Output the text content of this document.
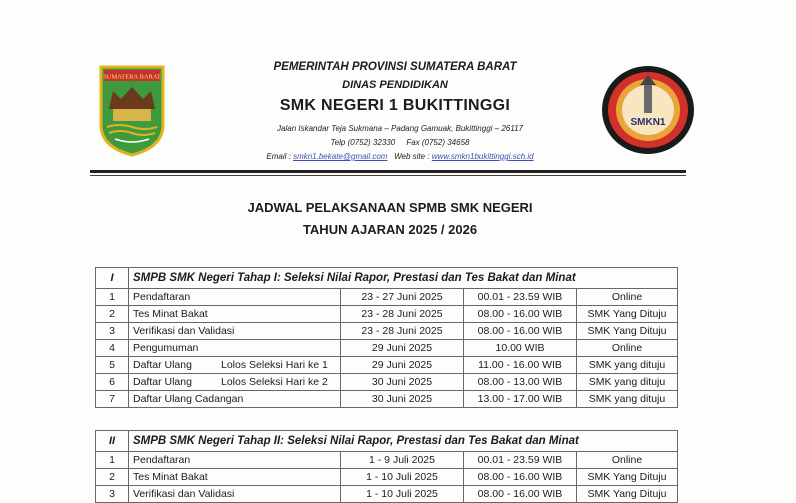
SUMATERA BARAT
SMKN1
PEMERINTAH PROVINSI SUMATERA BARAT
DINAS PENDIDIKAN
SMK NEGERI 1 BUKITTINGGI
Jalan Iskandar Teja Sukmana – Padang Gamuak, Bukittinggi – 26117
Telp (0752) 32330 Fax (0752) 34658
Email : smkn1.bekate@gmail.com Web site : www.smkn1bukittinggi.sch.id
JADWAL PELAKSANAAN SPMB SMK NEGERI
TAHUN AJARAN 2025 / 2026
I	SMPB SMK Negeri Tahap I: Seleksi Nilai Rapor, Prestasi dan Tes Bakat dan Minat			
1	Pendaftaran	23 - 27 Juni 2025	00.01 - 23.59 WIB	Online
2	Tes Minat Bakat	23 - 28 Juni 2025	08.00 - 16.00 WIB	SMK Yang Dituju
3	Verifikasi dan Validasi	23 - 28 Juni 2025	08.00 - 16.00 WIB	SMK Yang Dituju
4	Pengumuman	29 Juni 2025	10.00 WIB	Online
5	Daftar Ulang Lolos Seleksi Hari ke 1	29 Juni 2025	11.00 - 16.00 WIB	SMK yang dituju
6	Daftar Ulang Lolos Seleksi Hari ke 2	30 Juni 2025	08.00 - 13.00 WIB	SMK yang dituju
7	Daftar Ulang Cadangan	30 Juni 2025	13.00 - 17.00 WIB	SMK yang dituju
II	SMPB SMK Negeri Tahap II: Seleksi Nilai Rapor, Prestasi dan Tes Bakat dan Minat			
1	Pendaftaran	1 - 9 Juli 2025	00.01 - 23.59 WIB	Online
2	Tes Minat Bakat	1 - 10 Juli 2025	08.00 - 16.00 WIB	SMK Yang Dituju
3	Verifikasi dan Validasi	1 - 10 Juli 2025	08.00 - 16.00 WIB	SMK Yang Dituju
